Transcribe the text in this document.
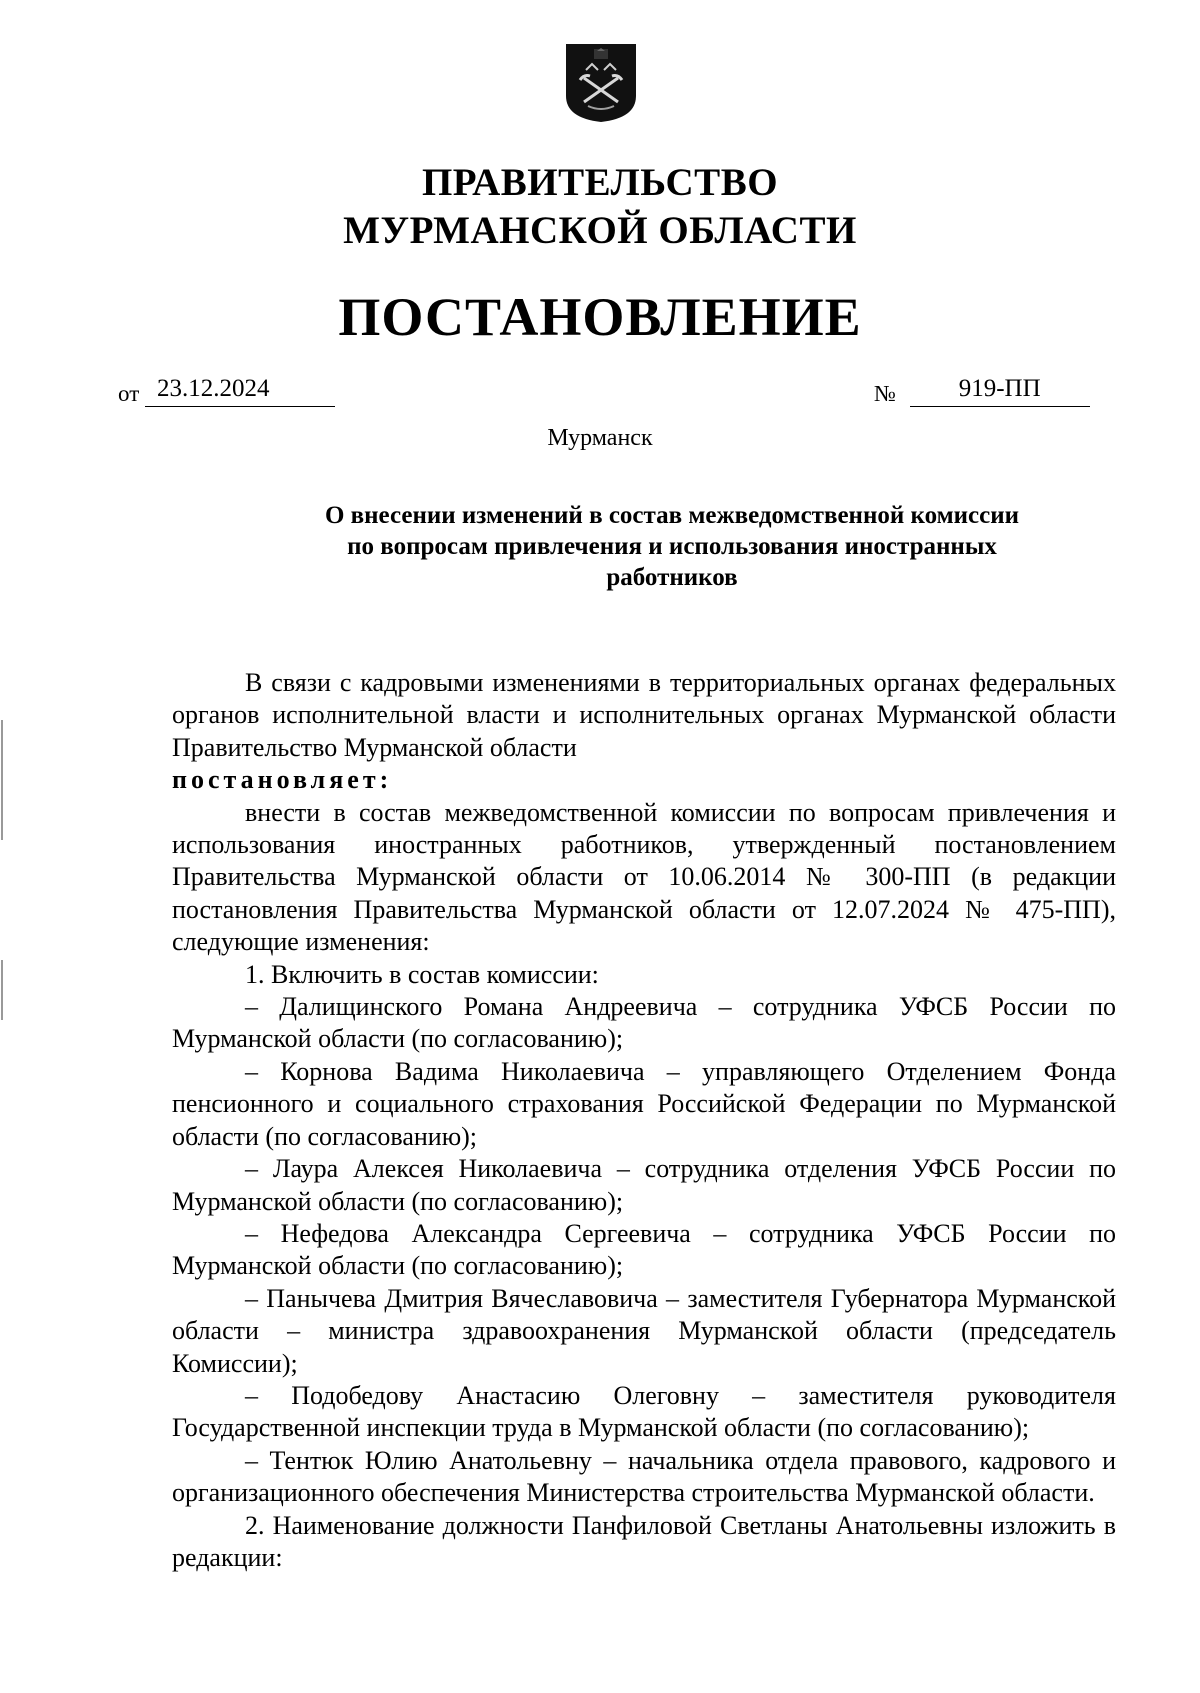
ПРАВИТЕЛЬСТВО
МУРМАНСКОЙ ОБЛАСТИ
ПОСТАНОВЛЕНИЕ
от 23.12.2024	№	919-ПП
Мурманск
О внесении изменений в состав межведомственной комиссии
по вопросам привлечения и использования иностранных
работников

В связи с кадровыми изменениями в территориальных органах федеральных органов исполнительной власти и исполнительных органах Мурманской области Правительство Мурманской области

постановляет:

внести в состав межведомственной комиссии по вопросам привлечения и использования иностранных работников, утвержденный постановлением Правительства Мурманской области от 10.06.2014 № 300-ПП (в редакции постановления Правительства Мурманской области от 12.07.2024 № 475-ПП), следующие изменения:

1. Включить в состав комиссии:

– Далищинского Романа Андреевича – сотрудника УФСБ России по Мурманской области (по согласованию);

– Корнова Вадима Николаевича – управляющего Отделением Фонда пенсионного и социального страхования Российской Федерации по Мурманской области (по согласованию);

– Лаура Алексея Николаевича – сотрудника отделения УФСБ России по Мурманской области (по согласованию);

– Нефедова Александра Сергеевича – сотрудника УФСБ России по Мурманской области (по согласованию);

– Панычева Дмитрия Вячеславовича – заместителя Губернатора Мурманской области – министра здравоохранения Мурманской области (председатель Комиссии);

– Подобедову Анастасию Олеговну – заместителя руководителя Государственной инспекции труда в Мурманской области (по согласованию);

– Тентюк Юлию Анатольевну – начальника отдела правового, кадрового и организационного обеспечения Министерства строительства Мурманской области.

2. Наименование должности Панфиловой Светланы Анатольевны изложить в редакции:
